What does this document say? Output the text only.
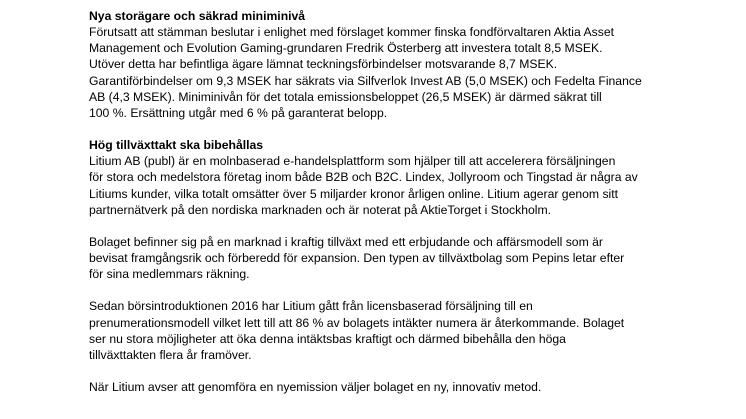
Nya storägare och säkrad miniminivå
Förutsatt att stämman beslutar i enlighet med förslaget kommer finska fondförvaltaren Aktia Asset
Management och Evolution Gaming-grundaren Fredrik Österberg att investera totalt 8,5 MSEK.
Utöver detta har befintliga ägare lämnat teckningsförbindelser motsvarande 8,7 MSEK.
Garantiförbindelser om 9,3 MSEK har säkrats via Silfverlok Invest AB (5,0 MSEK) och Fedelta Finance
AB (4,3 MSEK). Miniminivån för det totala emissionsbeloppet (26,5 MSEK) är därmed säkrat till
100 %. Ersättning utgår med 6 % på garanterat belopp.
Hög tillväxttakt ska bibehållas
Litium AB (publ) är en molnbaserad e-handelsplattform som hjälper till att accelerera försäljningen
för stora och medelstora företag inom både B2B och B2C. Lindex, Jollyroom och Tingstad är några av
Litiums kunder, vilka totalt omsätter över 5 miljarder kronor årligen online. Litium agerar genom sitt
partnernätverk på den nordiska marknaden och är noterat på AktieTorget i Stockholm.
Bolaget befinner sig på en marknad i kraftig tillväxt med ett erbjudande och affärsmodell som är
bevisat framgångsrik och förberedd för expansion. Den typen av tillväxtbolag som Pepins letar efter
för sina medlemmars räkning.
Sedan börsintroduktionen 2016 har Litium gått från licensbaserad försäljning till en
prenumerationsmodell vilket lett till att 86 % av bolagets intäkter numera är återkommande. Bolaget
ser nu stora möjligheter att öka denna intäktsbas kraftigt och därmed bibehålla den höga
tillväxttakten flera år framöver.
När Litium avser att genomföra en nyemission väljer bolaget en ny, innovativ metod.
